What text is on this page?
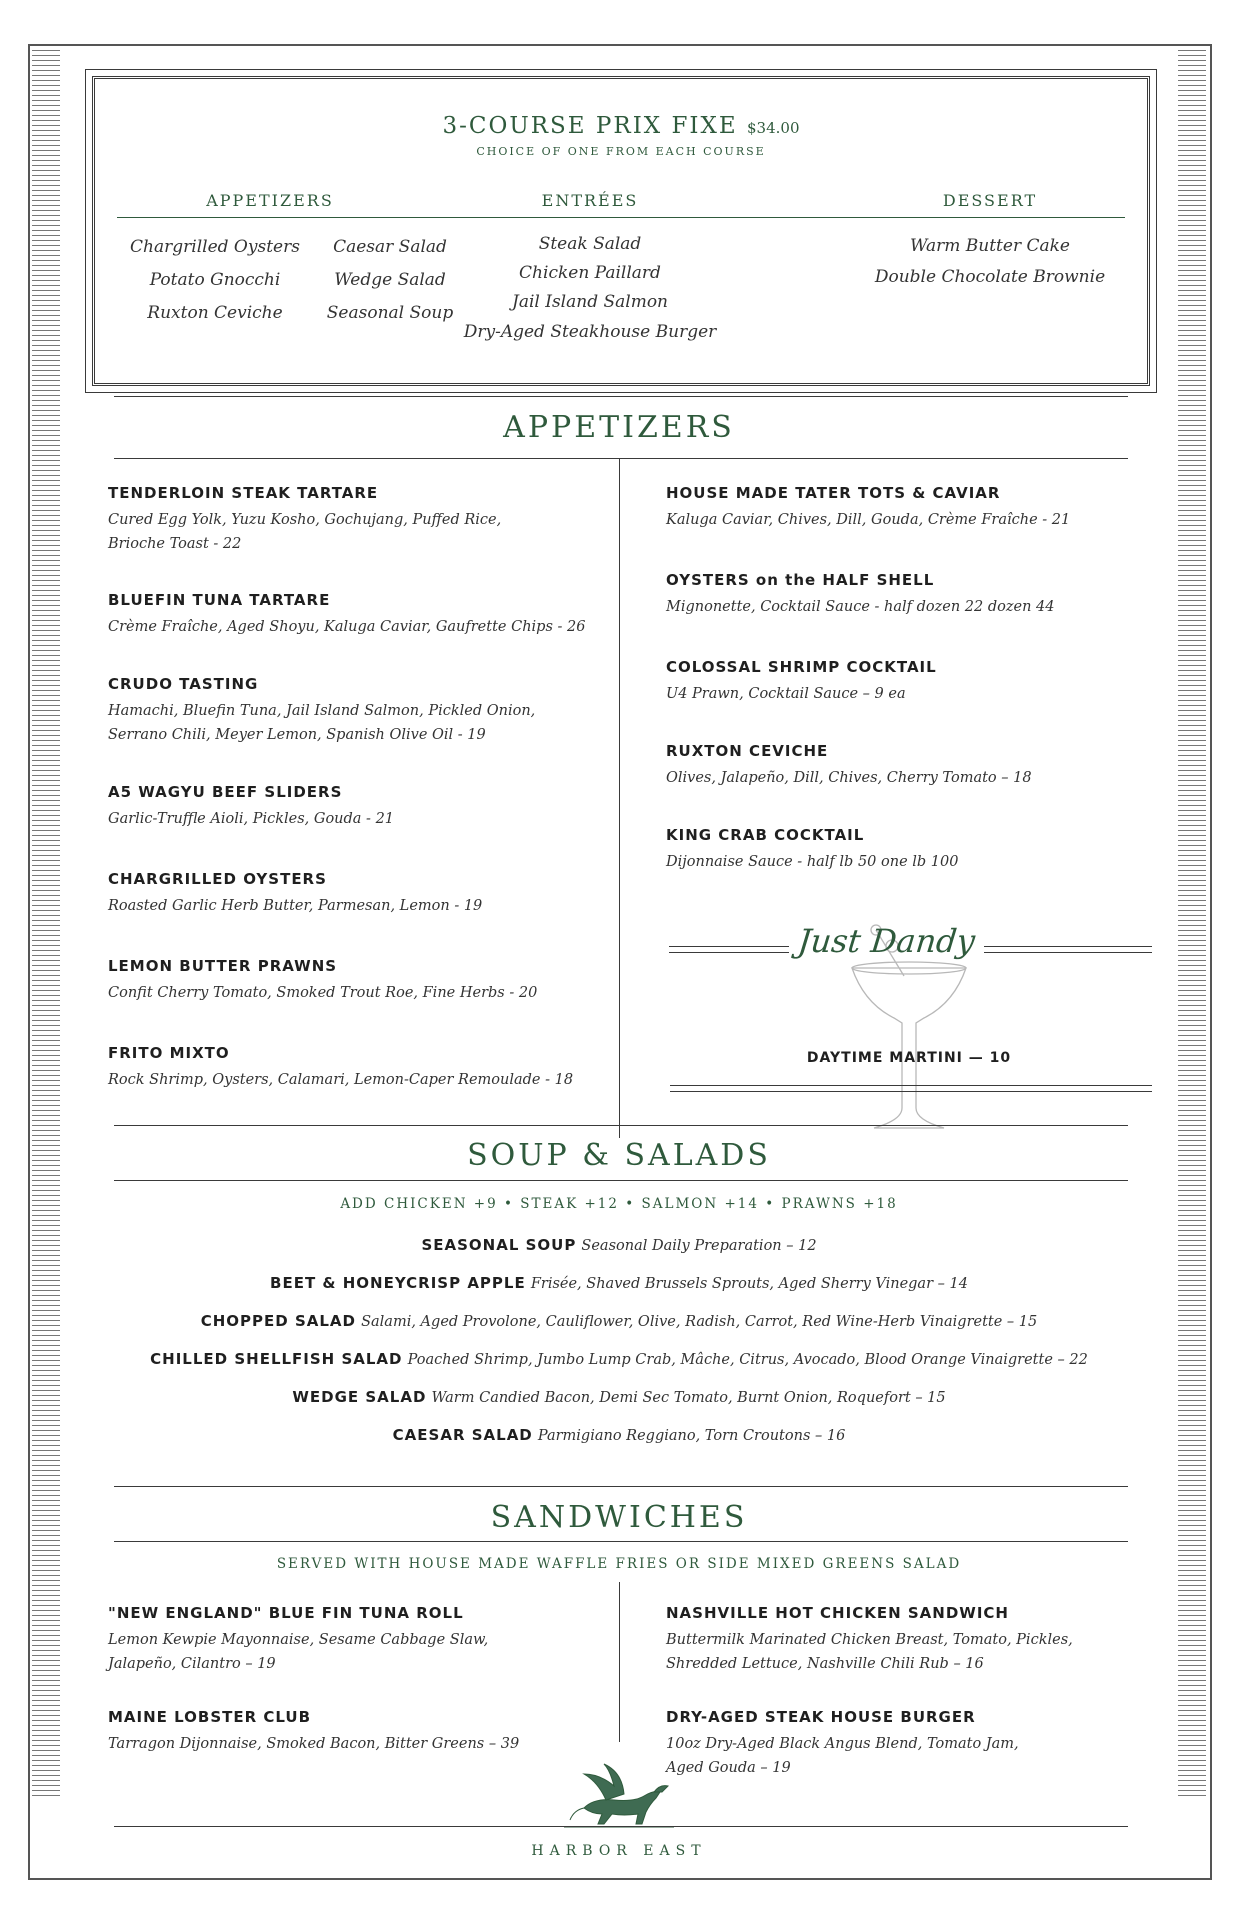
3-COURSE PRIX FIXE $34.00
CHOICE OF ONE FROM EACH COURSE
APPETIZERS	ENTRÉES	DESSERT
Chargrilled Oysters
Potato Gnocchi
Ruxton Ceviche
Caesar Salad
Wedge Salad
Seasonal Soup
Steak Salad
Chicken Paillard
Jail Island Salmon
Dry-Aged Steakhouse Burger
Warm Butter Cake
Double Chocolate Brownie
APPETIZERS
TENDERLOIN STEAK TARTARE
Cured Egg Yolk, Yuzu Kosho, Gochujang, Puffed Rice,
Brioche Toast - 22
BLUEFIN TUNA TARTARE
Crème Fraîche, Aged Shoyu, Kaluga Caviar, Gaufrette Chips - 26
CRUDO TASTING
Hamachi, Bluefin Tuna, Jail Island Salmon, Pickled Onion,
Serrano Chili, Meyer Lemon, Spanish Olive Oil - 19
A5 WAGYU BEEF SLIDERS
Garlic-Truffle Aioli, Pickles, Gouda - 21
CHARGRILLED OYSTERS
Roasted Garlic Herb Butter, Parmesan, Lemon - 19
LEMON BUTTER PRAWNS
Confit Cherry Tomato, Smoked Trout Roe, Fine Herbs - 20
FRITO MIXTO
Rock Shrimp, Oysters, Calamari, Lemon-Caper Remoulade - 18
HOUSE MADE TATER TOTS & CAVIAR
Kaluga Caviar, Chives, Dill, Gouda, Crème Fraîche - 21
OYSTERS on the HALF SHELL
Mignonette, Cocktail Sauce - half dozen 22 dozen 44
COLOSSAL SHRIMP COCKTAIL
U4 Prawn, Cocktail Sauce – 9 ea
RUXTON CEVICHE
Olives, Jalapeño, Dill, Chives, Cherry Tomato – 18
KING CRAB COCKTAIL
Dijonnaise Sauce - half lb 50 one lb 100
Just Dandy
DAYTIME MARTINI — 10
SOUP & SALADS
ADD CHICKEN +9 • STEAK +12 • SALMON +14 • PRAWNS +18
SEASONAL SOUP Seasonal Daily Preparation – 12
BEET & HONEYCRISP APPLE Frisée, Shaved Brussels Sprouts, Aged Sherry Vinegar – 14
CHOPPED SALAD Salami, Aged Provolone, Cauliflower, Olive, Radish, Carrot, Red Wine-Herb Vinaigrette – 15
CHILLED SHELLFISH SALAD Poached Shrimp, Jumbo Lump Crab, Mâche, Citrus, Avocado, Blood Orange Vinaigrette – 22
WEDGE SALAD Warm Candied Bacon, Demi Sec Tomato, Burnt Onion, Roquefort – 15
CAESAR SALAD Parmigiano Reggiano, Torn Croutons – 16
SANDWICHES
SERVED WITH HOUSE MADE WAFFLE FRIES OR SIDE MIXED GREENS SALAD
"NEW ENGLAND" BLUE FIN TUNA ROLL
Lemon Kewpie Mayonnaise, Sesame Cabbage Slaw,
Jalapeño, Cilantro – 19
MAINE LOBSTER CLUB
Tarragon Dijonnaise, Smoked Bacon, Bitter Greens – 39
NASHVILLE HOT CHICKEN SANDWICH
Buttermilk Marinated Chicken Breast, Tomato, Pickles,
Shredded Lettuce, Nashville Chili Rub – 16
DRY-AGED STEAK HOUSE BURGER
10oz Dry-Aged Black Angus Blend, Tomato Jam,
Aged Gouda – 19
HARBOR EAST
